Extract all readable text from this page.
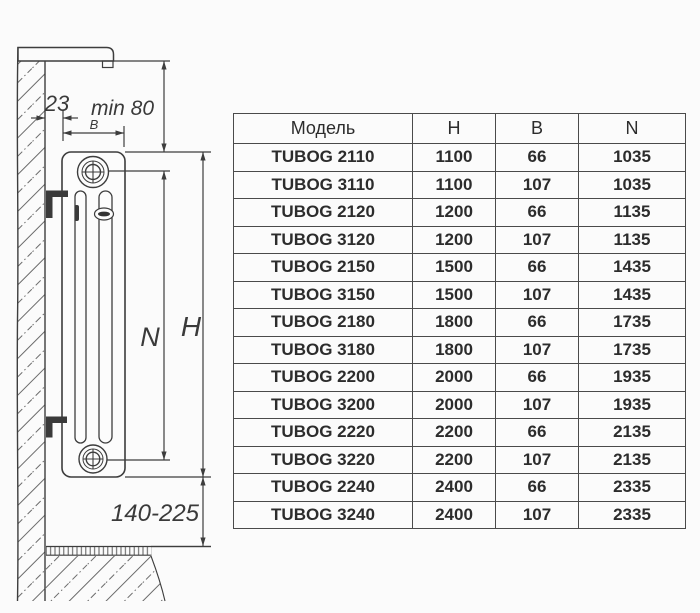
23 min 80
B
N H
140-225
Модель	H	B	N
TUBOG 2110	1100	66	1035
TUBOG 3110	1100	107	1035
TUBOG 2120	1200	66	1135
TUBOG 3120	1200	107	1135
TUBOG 2150	1500	66	1435
TUBOG 3150	1500	107	1435
TUBOG 2180	1800	66	1735
TUBOG 3180	1800	107	1735
TUBOG 2200	2000	66	1935
TUBOG 3200	2000	107	1935
TUBOG 2220	2200	66	2135
TUBOG 3220	2200	107	2135
TUBOG 2240	2400	66	2335
TUBOG 3240	2400	107	2335
